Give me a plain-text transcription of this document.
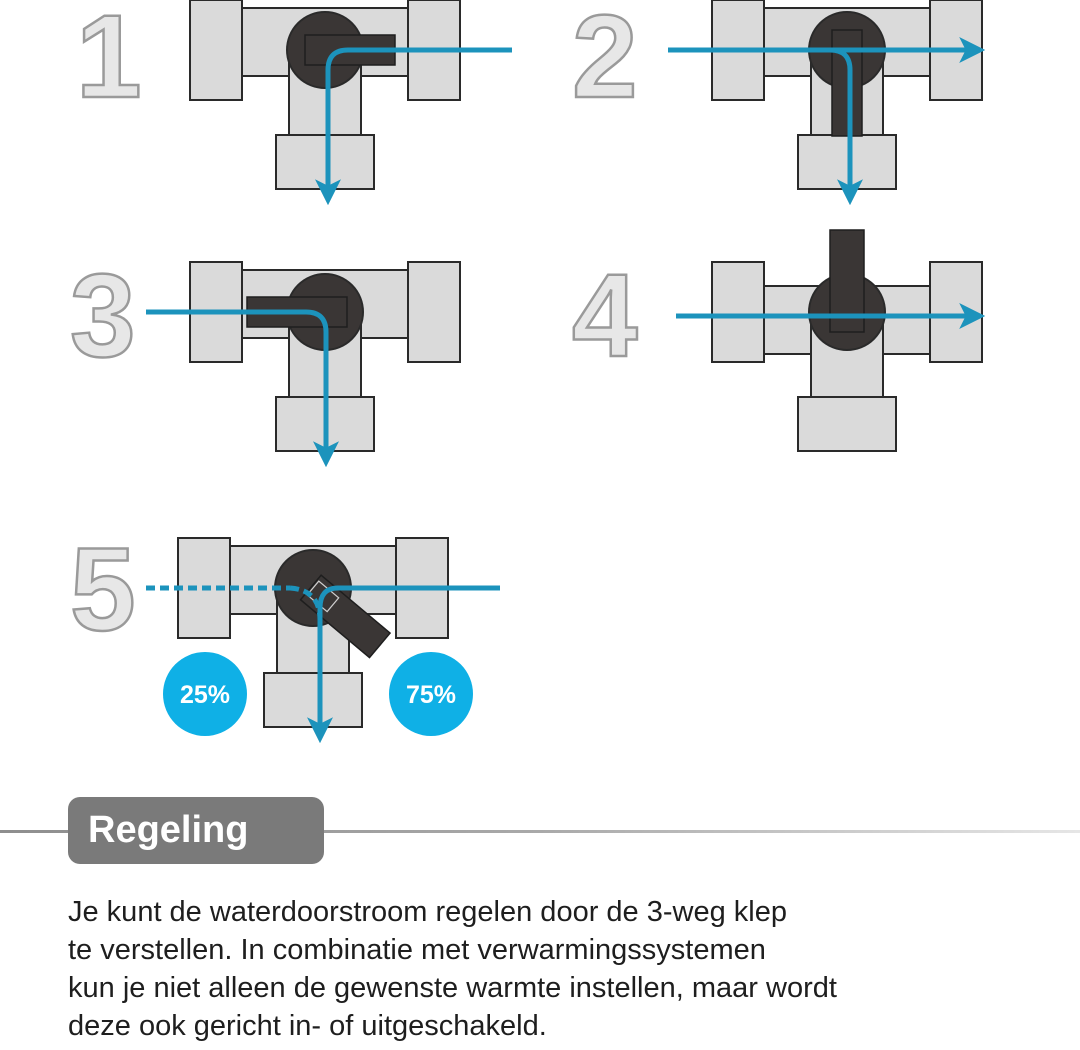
1	2
3	4
5
25%	75%
Regeling

Je kunt de waterdoorstroom regelen door de 3-weg klep
te verstellen. In combinatie met verwarmingssystemen
kun je niet alleen de gewenste warmte instellen, maar wordt
deze ook gericht in- of uitgeschakeld.
